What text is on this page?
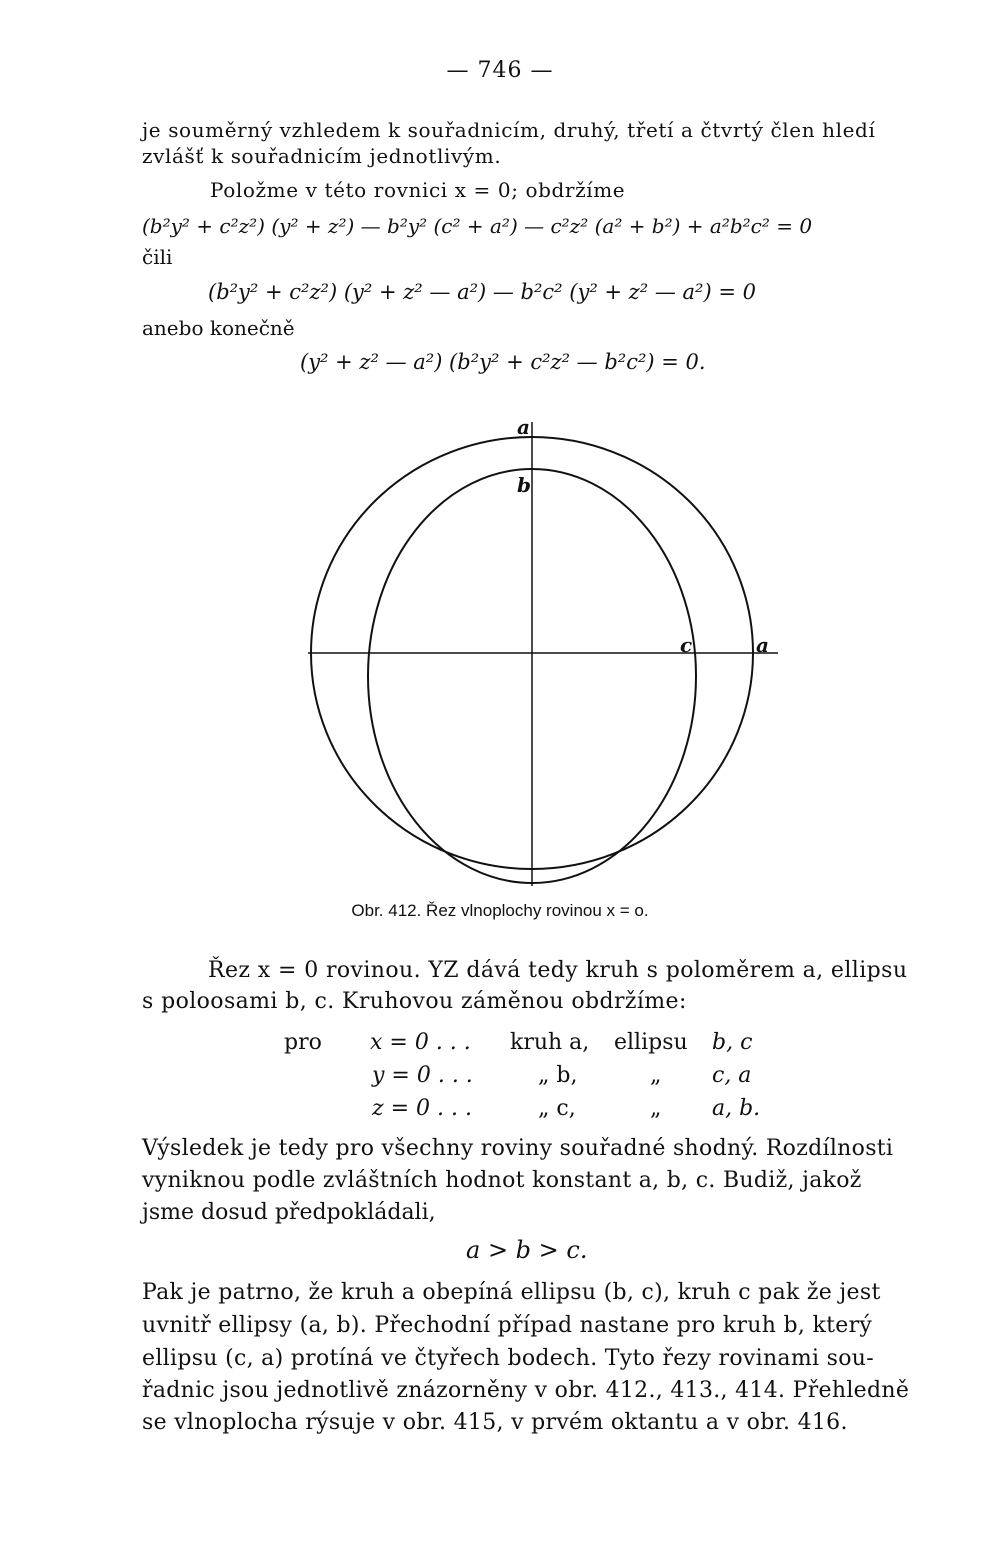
— 746 —
je souměrný vzhledem k souřadnicím, druhý, třetí a čtvrtý člen hledí
zvlášť k souřadnicím jednotlivým.
Položme v této rovnici x = 0; obdržíme
(b²y² + c²z²) (y² + z²) — b²y² (c² + a²) — c²z² (a² + b²) + a²b²c² = 0
čili
(b²y² + c²z²) (y² + z² — a²) — b²c² (y² + z² — a²) = 0
anebo konečně
(y² + z² — a²) (b²y² + c²z² — b²c²) = 0.
a
b
c	a
Obr. 412. Řez vlnoplochy rovinou x = o.
Řez x = 0 rovinou. YZ dává tedy kruh s poloměrem a, ellipsu
s poloosami b, c. Kruhovou záměnou obdržíme:
pro x = 0 . . . kruh a, ellipsu b, c
y = 0 . . .	„ b,	„ c, a
z = 0 . . .	„ c,	„ a, b.
Výsledek je tedy pro všechny roviny souřadné shodný. Rozdílnosti
vyniknou podle zvláštních hodnot konstant a, b, c. Budiž, jakož
jsme dosud předpokládali,
a > b > c.
Pak je patrno, že kruh a obepíná ellipsu (b, c), kruh c pak že jest
uvnitř ellipsy (a, b). Přechodní případ nastane pro kruh b, který
ellipsu (c, a) protíná ve čtyřech bodech. Tyto řezy rovinami sou-
řadnic jsou jednotlivě znázorněny v obr. 412., 413., 414. Přehledně
se vlnoplocha rýsuje v obr. 415, v prvém oktantu a v obr. 416.
